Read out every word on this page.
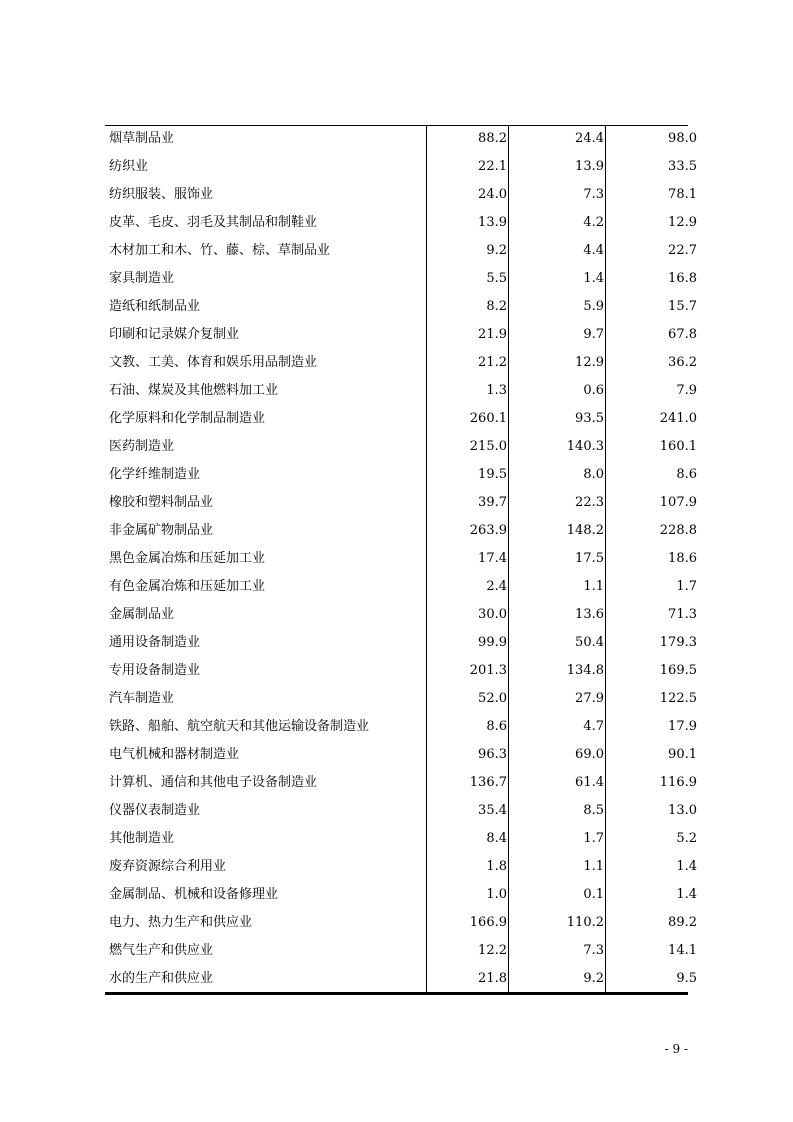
烟草制品业	88.2	24.4	98.0
纺织业	22.1	13.9	33.5
纺织服装、服饰业	24.0	7.3	78.1
皮革、毛皮、羽毛及其制品和制鞋业	13.9	4.2	12.9
木材加工和木、竹、藤、棕、草制品业	9.2	4.4	22.7
家具制造业	5.5	1.4	16.8
造纸和纸制品业	8.2	5.9	15.7
印刷和记录媒介复制业	21.9	9.7	67.8
文教、工美、体育和娱乐用品制造业	21.2	12.9	36.2
石油、煤炭及其他燃料加工业	1.3	0.6	7.9
化学原料和化学制品制造业	260.1	93.5	241.0
医药制造业	215.0	140.3	160.1
化学纤维制造业	19.5	8.0	8.6
橡胶和塑料制品业	39.7	22.3	107.9
非金属矿物制品业	263.9	148.2	228.8
黑色金属冶炼和压延加工业	17.4	17.5	18.6
有色金属冶炼和压延加工业	2.4	1.1	1.7
金属制品业	30.0	13.6	71.3
通用设备制造业	99.9	50.4	179.3
专用设备制造业	201.3	134.8	169.5
汽车制造业	52.0	27.9	122.5
铁路、船舶、航空航天和其他运输设备制造业	8.6	4.7	17.9
电气机械和器材制造业	96.3	69.0	90.1
计算机、通信和其他电子设备制造业	136.7	61.4	116.9
仪器仪表制造业	35.4	8.5	13.0
其他制造业	8.4	1.7	5.2
废弃资源综合利用业	1.8	1.1	1.4
金属制品、机械和设备修理业	1.0	0.1	1.4
电力、热力生产和供应业	166.9	110.2	89.2
燃气生产和供应业	12.2	7.3	14.1
水的生产和供应业	21.8	9.2	9.5
- 9 -
